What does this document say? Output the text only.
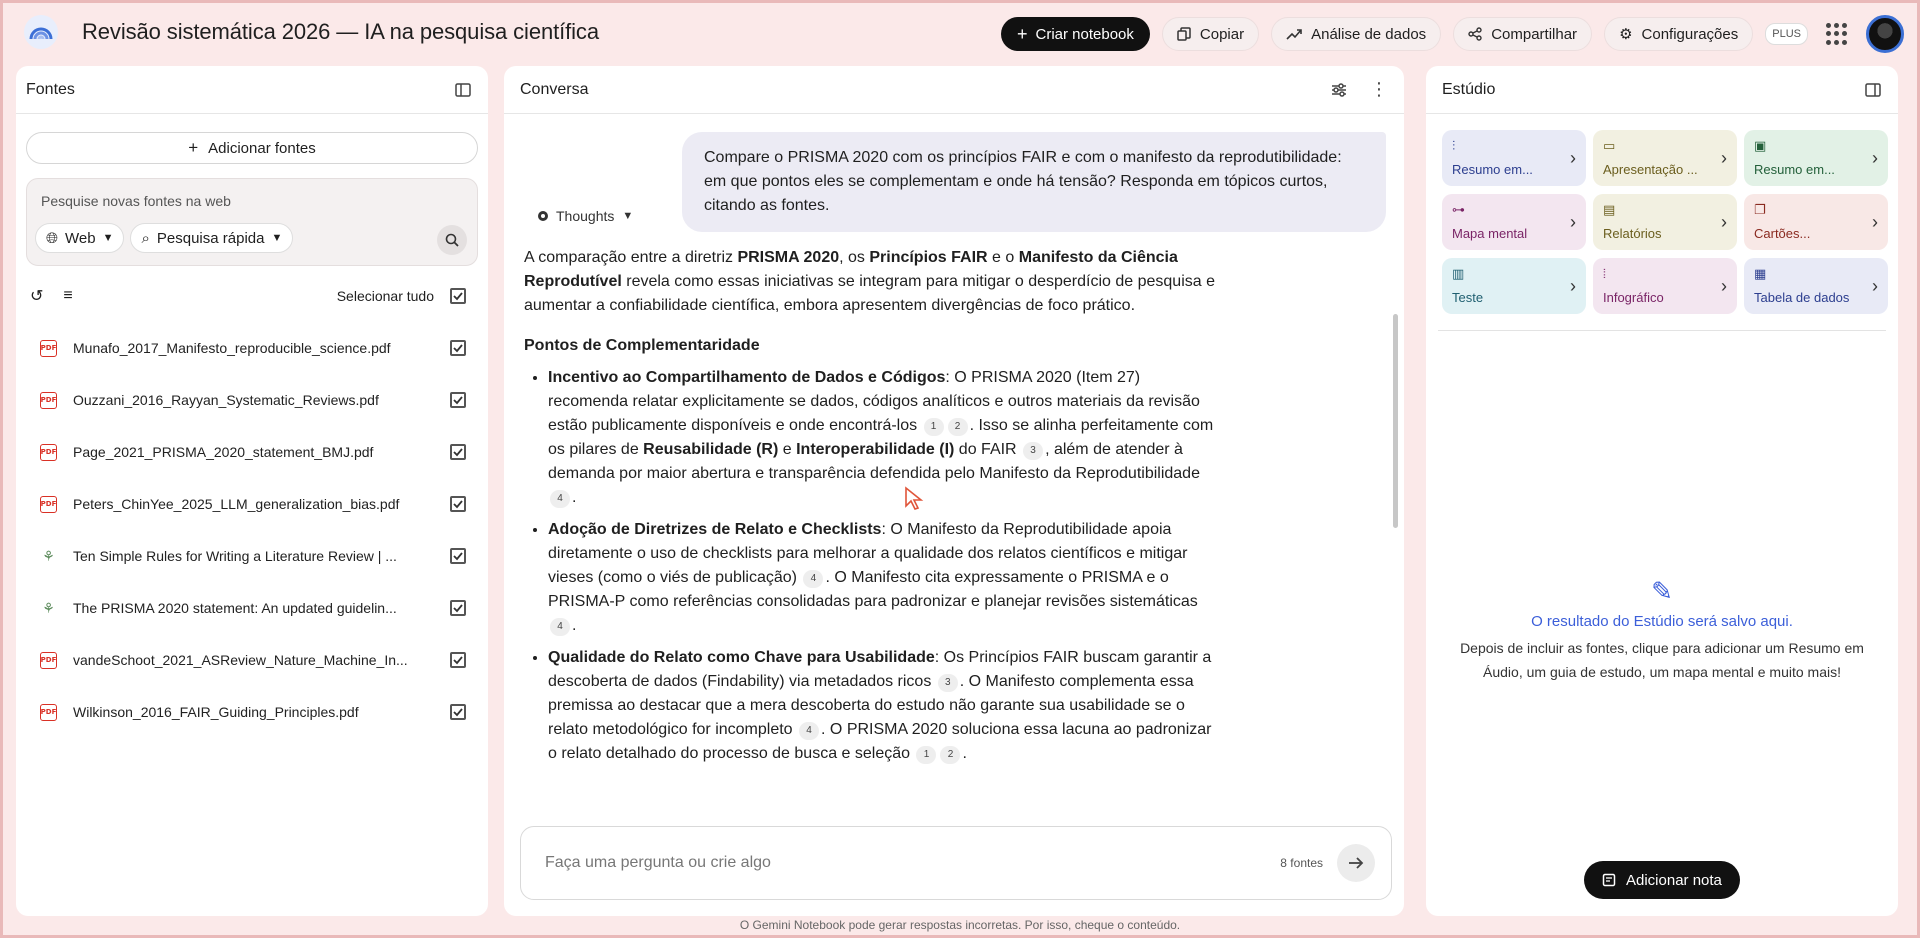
Revisão sistemática 2026 — IA na pesquisa científica	+ Criar notebook	Copiar	Análise de dados	Compartilhar	⚙ Configurações	PLUS
Fontes
+ Adicionar fontes
Pesquise novas fontes na web
🌐︎ Web ▼ ⌕ Pesquisa rápida ▼
↺ ≡	Selecionar tudo
PDF Munafo_2017_Manifesto_reproducible_science.pdf
PDF Ouzzani_2016_Rayyan_Systematic_Reviews.pdf
PDF Page_2021_PRISMA_2020_statement_BMJ.pdf
PDF Peters_ChinYee_2025_LLM_generalization_bias.pdf
⚘ Ten Simple Rules for Writing a Literature Review | ...
⚘ The PRISMA 2020 statement: An updated guidelin...
PDF vandeSchoot_2021_ASReview_Nature_Machine_In...
PDF Wilkinson_2016_FAIR_Guiding_Principles.pdf
Conversa	⋮
Compare o PRISMA 2020 com os princípios FAIR e com o manifesto da reprodutibilidade: em que pontos eles se complementam e onde há tensão? Responda em tópicos curtos, citando as fontes.
Thoughts ▼

A comparação entre a diretriz PRISMA 2020, os Princípios FAIR e o Manifesto da Ciência Reprodutível revela como essas iniciativas se integram para mitigar o desperdício de pesquisa e aumentar a confiabilidade científica, embora apresentem divergências de foco prático.

Pontos de Complementaridade
• Incentivo ao Compartilhamento de Dados e Códigos: O PRISMA 2020 (Item 27) recomenda relatar explicitamente se dados, códigos analíticos e outros materiais da revisão estão publicamente disponíveis e onde encontrá-los 1 2 . Isso se alinha perfeitamente com os pilares de Reusabilidade (R) e Interoperabilidade (I) do FAIR 3 , além de atender à demanda por maior abertura e transparência defendida pelo Manifesto da Reprodutibilidade 4 .
• Adoção de Diretrizes de Relato e Checklists: O Manifesto da Reprodutibilidade apoia diretamente o uso de checklists para melhorar a qualidade dos relatos científicos e mitigar vieses (como o viés de publicação) 4 . O Manifesto cita expressamente o PRISMA e o PRISMA-P como referências consolidadas para padronizar e planejar revisões sistemáticas 4 .
• Qualidade do Relato como Chave para Usabilidade: Os Princípios FAIR buscam garantir a descoberta de dados (Findability) via metadados ricos 3 . O Manifesto complementa essa premissa ao destacar que a mera descoberta do estudo não garante sua usabilidade se o relato metodológico for incompleto 4 . O PRISMA 2020 soluciona essa lacuna ao padronizar o relato detalhado do processo de busca e seleção 1 2 .
Faça uma pergunta ou crie algo	8 fontes
Estúdio
⫶
Resumo em...
›
▭
Apresentação ...
›
▣
Resumo em...
›
⊶
Mapa mental
›
▤
Relatórios
›
❐
Cartões...
›
▥
Teste
›
⦙
Infográfico
›
▦
Tabela de dados
›
✎
O resultado do Estúdio será salvo aqui.
Depois de incluir as fontes, clique para adicionar um Resumo em Áudio, um guia de estudo, um mapa mental e muito mais!
Adicionar nota
O Gemini Notebook pode gerar respostas incorretas. Por isso, cheque o conteúdo.
